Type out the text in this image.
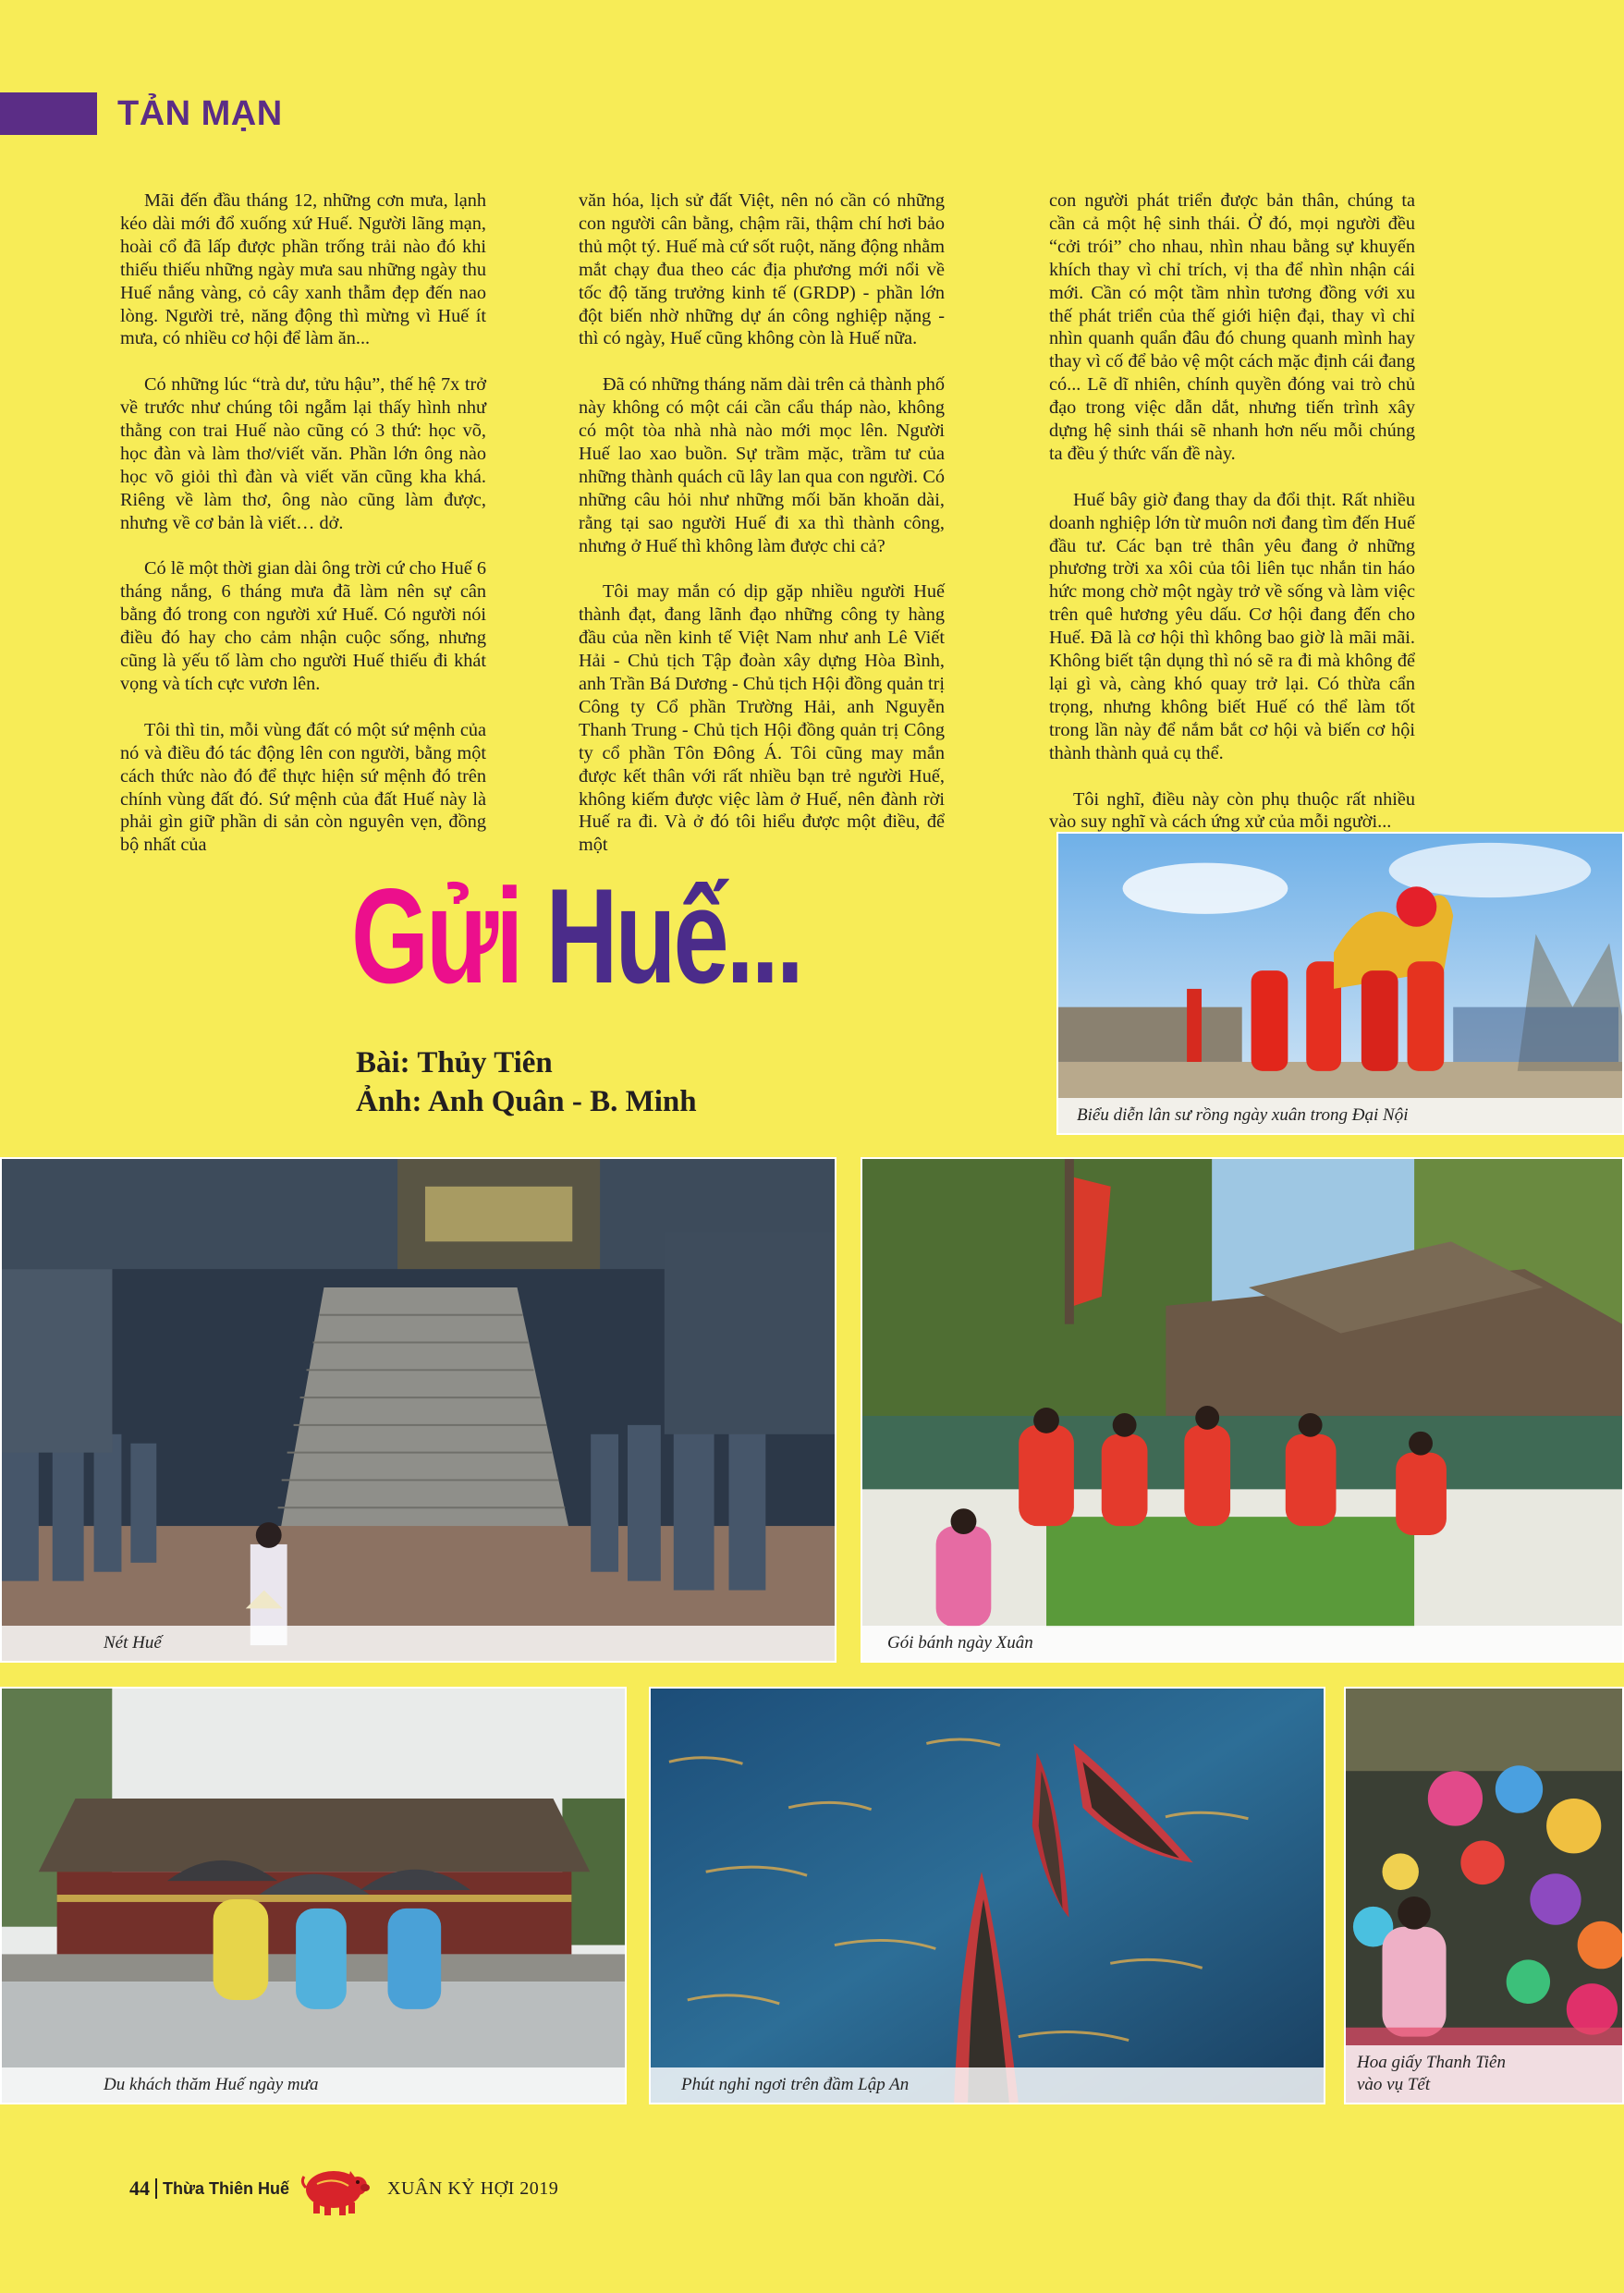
TẢN MẠN

Mãi đến đầu tháng 12, những cơn mưa, lạnh kéo dài mới đổ xuống xứ Huế. Người lãng mạn, hoài cổ đã lấp được phần trống trải nào đó khi thiếu thiếu những ngày mưa sau những ngày thu Huế nắng vàng, cỏ cây xanh thẫm đẹp đến nao lòng. Người trẻ, năng động thì mừng vì Huế ít mưa, có nhiều cơ hội để làm ăn...

Có những lúc “trà dư, tửu hậu”, thế hệ 7x trở về trước như chúng tôi ngẫm lại thấy hình như thằng con trai Huế nào cũng có 3 thứ: học võ, học đàn và làm thơ/viết văn. Phần lớn ông nào học võ giỏi thì đàn và viết văn cũng kha khá. Riêng về làm thơ, ông nào cũng làm được, nhưng về cơ bản là viết… dở.

Có lẽ một thời gian dài ông trời cứ cho Huế 6 tháng nắng, 6 tháng mưa đã làm nên sự cân bằng đó trong con người xứ Huế. Có người nói điều đó hay cho cảm nhận cuộc sống, nhưng cũng là yếu tố làm cho người Huế thiếu đi khát vọng và tích cực vươn lên.

Tôi thì tin, mỗi vùng đất có một sứ mệnh của nó và điều đó tác động lên con người, bằng một cách thức nào đó để thực hiện sứ mệnh đó trên chính vùng đất đó. Sứ mệnh của đất Huế này là phải gìn giữ phần di sản còn nguyên vẹn, đồng bộ nhất của

văn hóa, lịch sử đất Việt, nên nó cần có những con người cân bằng, chậm rãi, thậm chí hơi bảo thủ một tý. Huế mà cứ sốt ruột, năng động nhằm mắt chạy đua theo các địa phương mới nổi về tốc độ tăng trưởng kinh tế (GRDP) - phần lớn đột biến nhờ những dự án công nghiệp nặng - thì có ngày, Huế cũng không còn là Huế nữa.

Đã có những tháng năm dài trên cả thành phố này không có một cái cần cẩu tháp nào, không có một tòa nhà nhà nào mới mọc lên. Người Huế lao xao buồn. Sự trầm mặc, trầm tư của những thành quách cũ lây lan qua con người. Có những câu hỏi như những mối băn khoăn dài, rằng tại sao người Huế đi xa thì thành công, nhưng ở Huế thì không làm được chi cả?

Tôi may mắn có dịp gặp nhiều người Huế thành đạt, đang lãnh đạo những công ty hàng đầu của nền kinh tế Việt Nam như anh Lê Viết Hải - Chủ tịch Tập đoàn xây dựng Hòa Bình, anh Trần Bá Dương - Chủ tịch Hội đồng quản trị Công ty Cổ phần Trường Hải, anh Nguyễn Thanh Trung - Chủ tịch Hội đồng quản trị Công ty cổ phần Tôn Đông Á. Tôi cũng may mắn được kết thân với rất nhiều bạn trẻ người Huế, không kiếm được việc làm ở Huế, nên đành rời Huế ra đi. Và ở đó tôi hiểu được một điều, để một

con người phát triển được bản thân, chúng ta cần cả một hệ sinh thái. Ở đó, mọi người đều “cởi trói” cho nhau, nhìn nhau bằng sự khuyến khích thay vì chỉ trích, vị tha để nhìn nhận cái mới. Cần có một tầm nhìn tương đồng với xu thế phát triển của thế giới hiện đại, thay vì chỉ nhìn quanh quẩn đâu đó chung quanh mình hay thay vì cố để bảo vệ một cách mặc định cái đang có... Lẽ dĩ nhiên, chính quyền đóng vai trò chủ đạo trong việc dẫn dắt, nhưng tiến trình xây dựng hệ sinh thái sẽ nhanh hơn nếu mỗi chúng ta đều ý thức vấn đề này.

Huế bây giờ đang thay da đổi thịt. Rất nhiều doanh nghiệp lớn từ muôn nơi đang tìm đến Huế đầu tư. Các bạn trẻ thân yêu đang ở những phương trời xa xôi của tôi liên tục nhắn tin háo hức mong chờ một ngày trở về sống và làm việc trên quê hương yêu dấu. Cơ hội đang đến cho Huế. Đã là cơ hội thì không bao giờ là mãi mãi. Không biết tận dụng thì nó sẽ ra đi mà không để lại gì và, càng khó quay trở lại. Có thừa cẩn trọng, nhưng không biết Huế có thể làm tốt trong lần này để nắm bắt cơ hội và biến cơ hội thành thành quả cụ thể.

Tôi nghĩ, điều này còn phụ thuộc rất nhiều vào suy nghĩ và cách ứng xử của mỗi người...

Gửi Huế...
Bài: Thủy Tiên
Ảnh: Anh Quân - B. Minh	Biểu diễn lân sư rồng ngày xuân trong Đại Nội
Nét Huế	Gói bánh ngày Xuân
Du khách thăm Huế ngày mưa	Phút nghỉ ngơi trên đầm Lập An
Hoa giấy Thanh Tiên
vào vụ Tết
44 Thừa Thiên Huế	XUÂN KỶ HỢI 2019
